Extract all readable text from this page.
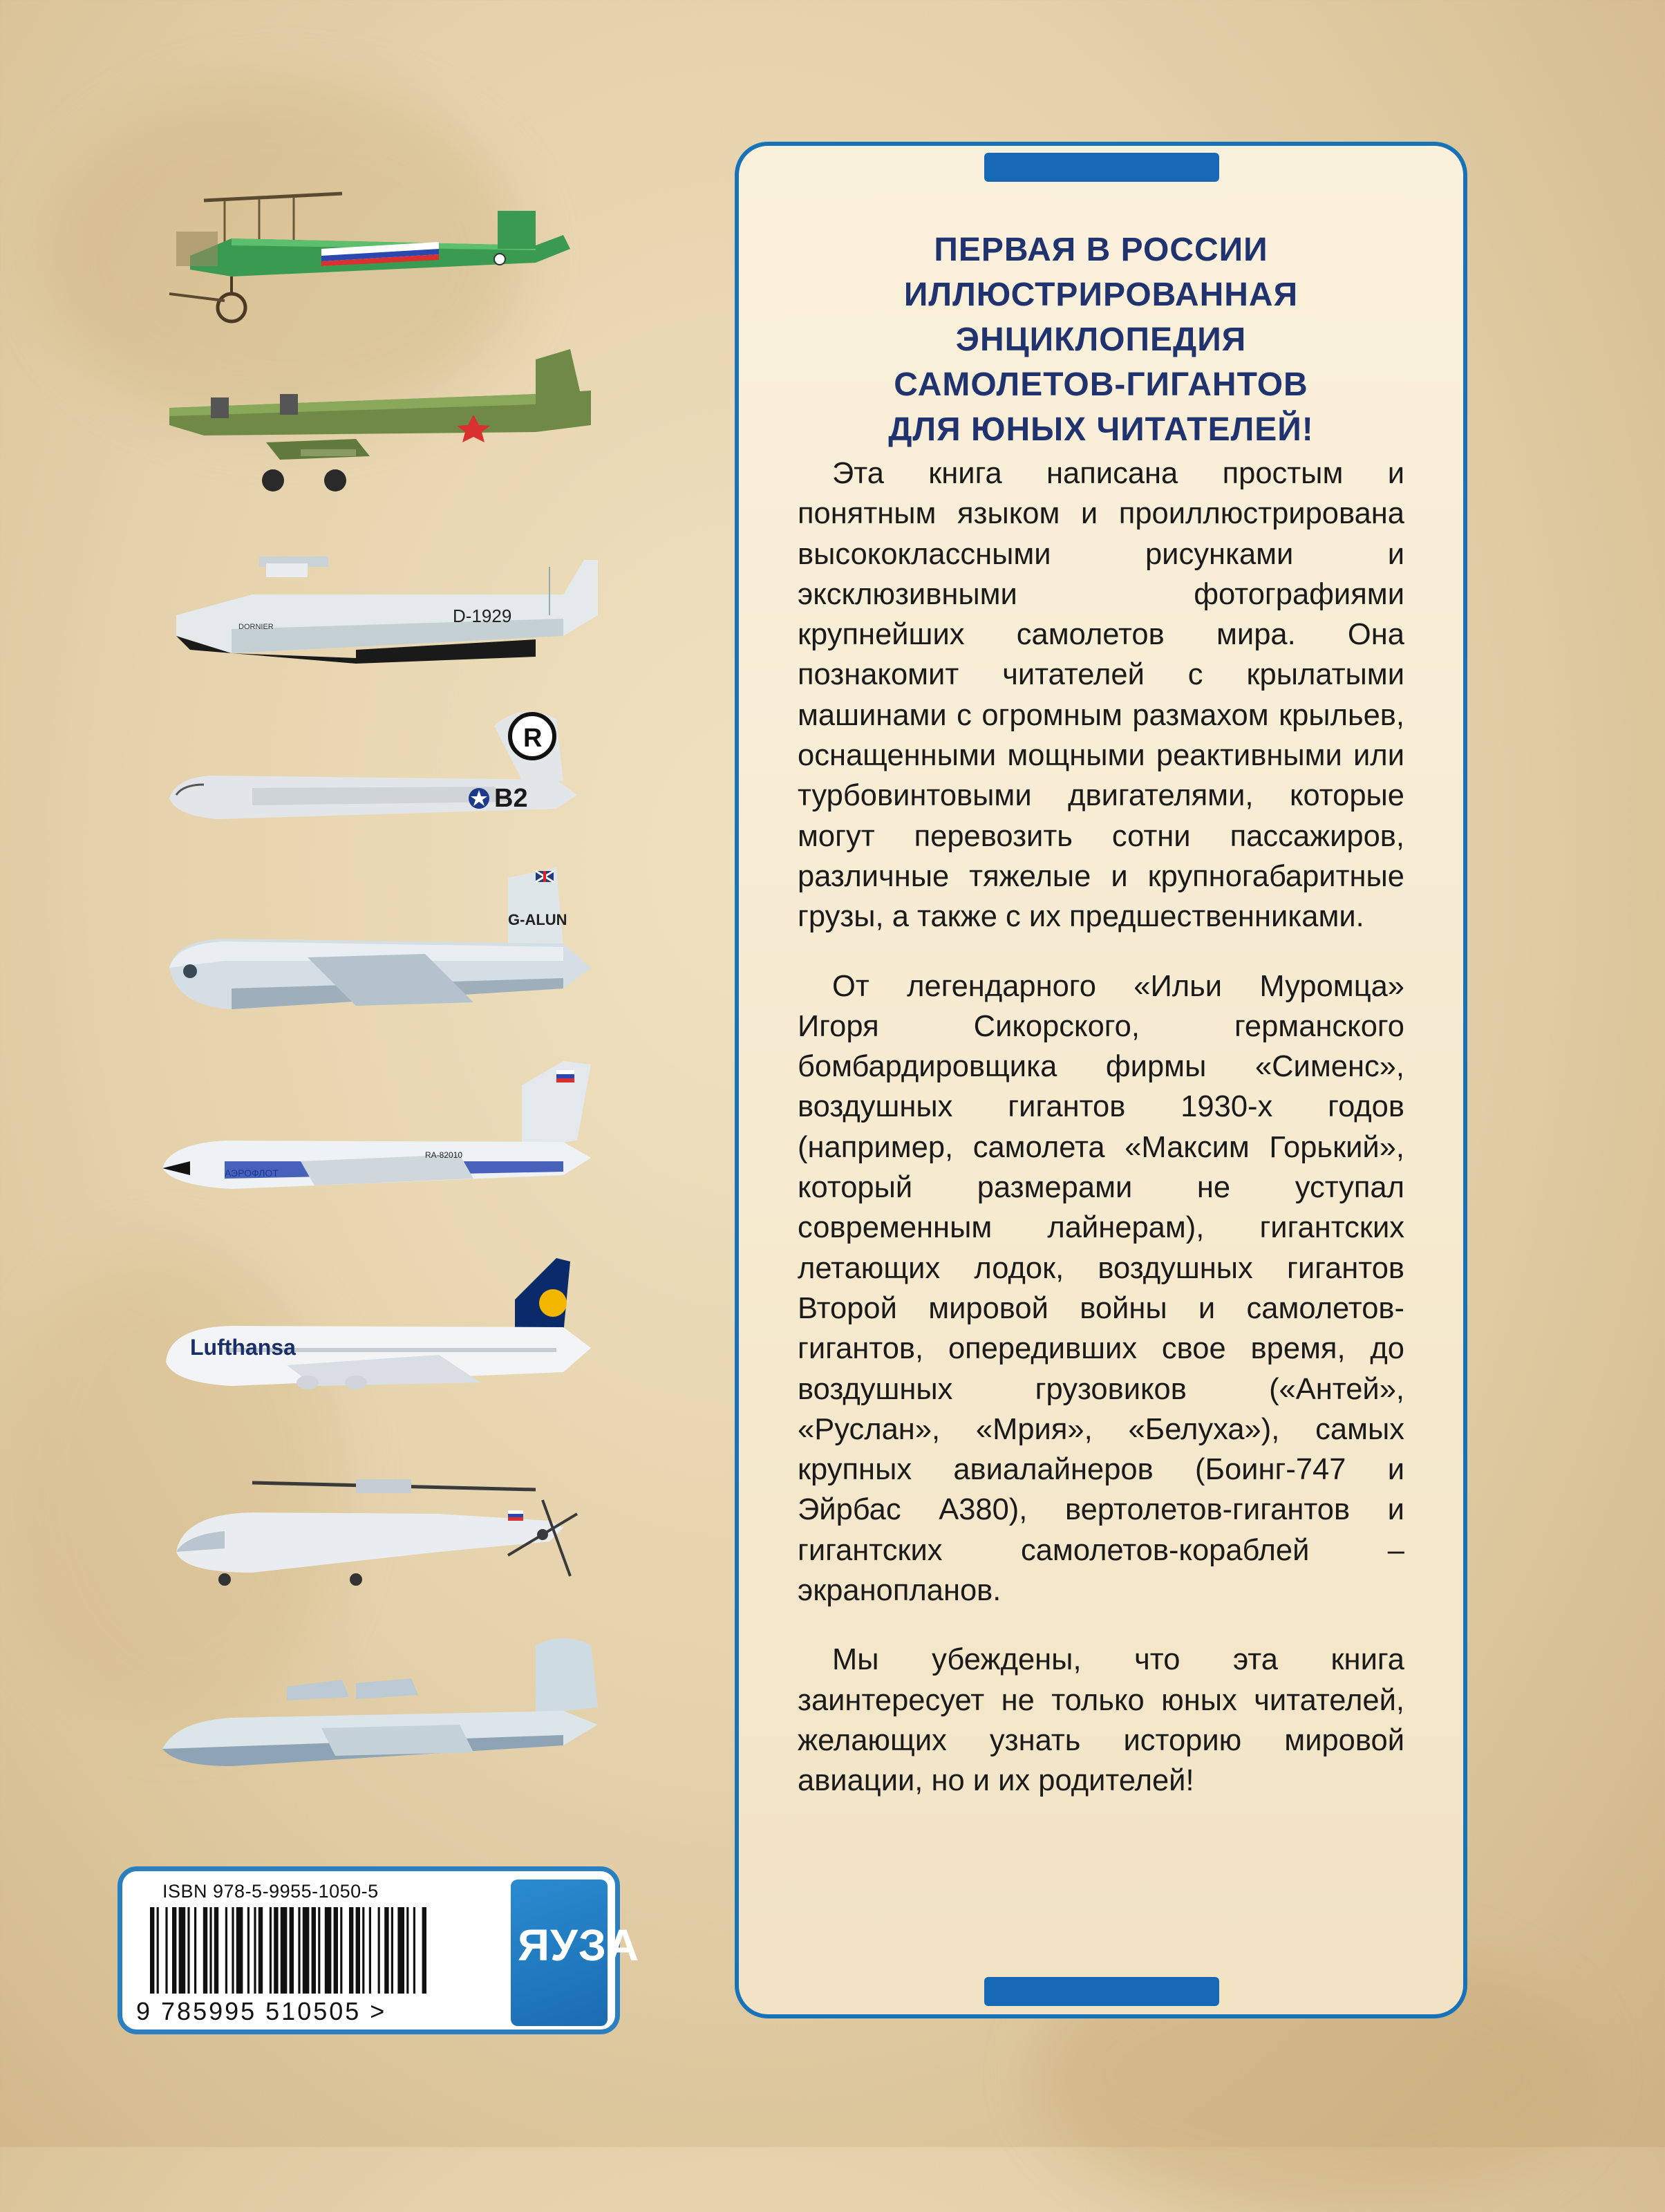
D-1929
DORNIER
R
B2
G-ALUN
АЭРОФЛОТ
RA-82010
Lufthansa
ПЕРВАЯ В РОССИИ
ИЛЛЮСТРИРОВАННАЯ
ЭНЦИКЛОПЕДИЯ
САМОЛЕТОВ-ГИГАНТОВ
ДЛЯ ЮНЫХ ЧИТАТЕЛЕЙ!

Эта книга написана простым и понятным языком и проиллюстрирована высококлассными рисунками и эксклюзивными фотографиями крупнейших самолетов мира. Она познакомит читателей с крылатыми машинами с огромным размахом крыльев, оснащенными мощными реактивными или турбовинтовыми двигателями, которые могут перевозить сотни пассажиров, различные тяжелые и крупногабаритные грузы, а также с их предшественниками.

От легендарного «Ильи Муромца» Игоря Сикорского, германского бомбардировщика фирмы «Сименс», воздушных гигантов 1930-х годов (например, самолета «Максим Горький», который размерами не уступал современным лайнерам), гигантских летающих лодок, воздушных гигантов Второй мировой войны и самолетов-гигантов, опередивших свое время, до воздушных грузовиков («Антей», «Руслан», «Мрия», «Белуха»), самых крупных авиалайнеров (Боинг-747 и Эйрбас А380), вертолетов-гигантов и гигантских самолетов-кораблей – экранопланов.

Мы убеждены, что эта книга заинтересует не только юных читателей, желающих узнать историю мировой авиации, но и их родителей!

ISBN 978-5-9955-1050-5
9 785995 510505 >
ЯУЗА
